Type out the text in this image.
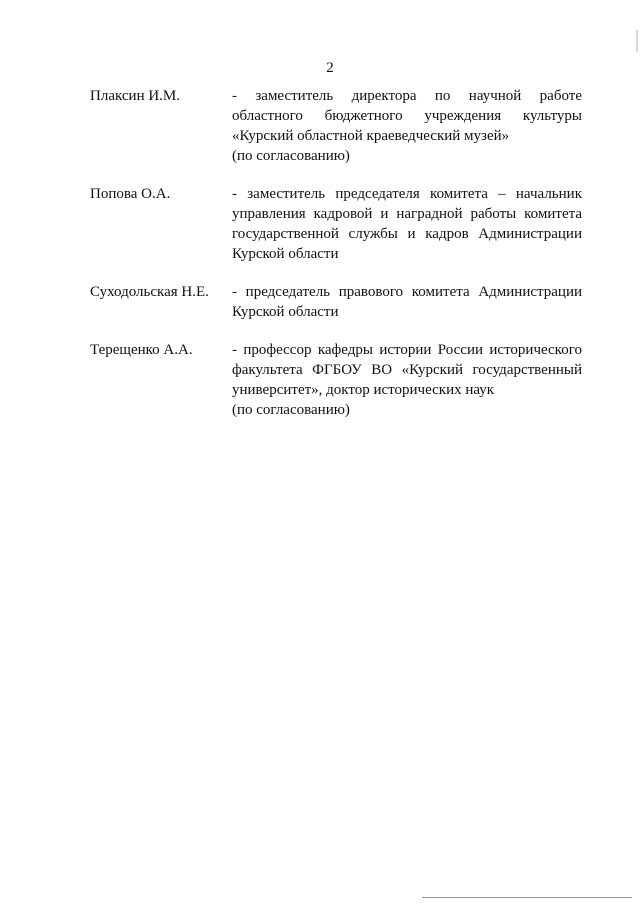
2
Плаксин И.М.	- заместитель директора по научной работе областного бюджетного учреждения культуры «Курский областной краеведческий музей»
(по согласованию)
Попова О.А.	- заместитель председателя комитета – начальник управления кадровой и наградной работы комитета государственной службы и кадров Администрации Курской области
Суходольская Н.Е.	- председатель правового комитета Администрации Курской области
Терещенко А.А.	- профессор кафедры истории России исторического факультета ФГБОУ ВО «Курский государственный университет», доктор исторических наук
(по согласованию)
